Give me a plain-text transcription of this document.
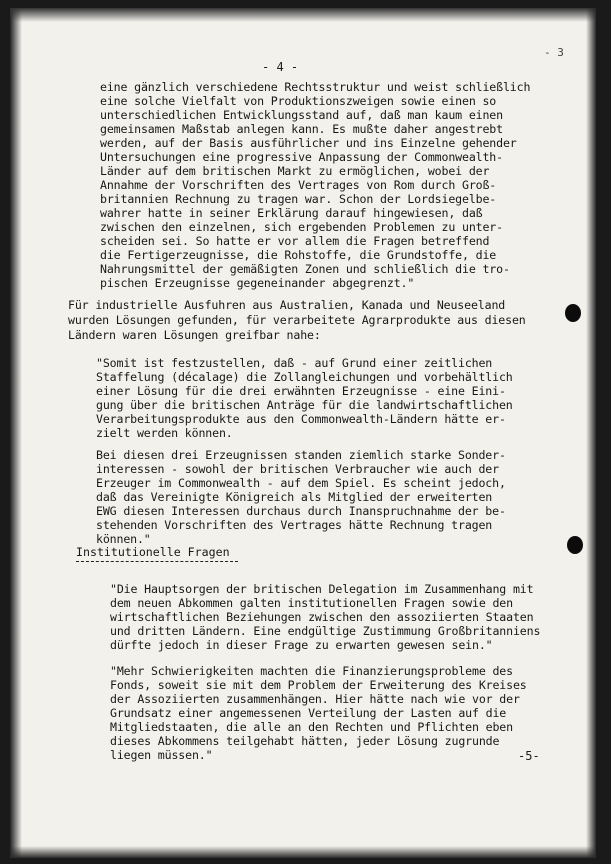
- 4 -
- 3
eine gänzlich verschiedene Rechtsstruktur und weist schließlich
eine solche Vielfalt von Produktionszweigen sowie einen so
unterschiedlichen Entwicklungsstand auf, daß man kaum einen
gemeinsamen Maßstab anlegen kann. Es mußte daher angestrebt
werden, auf der Basis ausführlicher und ins Einzelne gehender
Untersuchungen eine progressive Anpassung der Commonwealth-
Länder auf dem britischen Markt zu ermöglichen, wobei der
Annahme der Vorschriften des Vertrages von Rom durch Groß-
britannien Rechnung zu tragen war. Schon der Lordsiegelbe-
wahrer hatte in seiner Erklärung darauf hingewiesen, daß
zwischen den einzelnen, sich ergebenden Problemen zu unter-
scheiden sei. So hatte er vor allem die Fragen betreffend
die Fertigerzeugnisse, die Rohstoffe, die Grundstoffe, die
Nahrungsmittel der gemäßigten Zonen und schließlich die tro-
pischen Erzeugnisse gegeneinander abgegrenzt."
Für industrielle Ausfuhren aus Australien, Kanada und Neuseeland
wurden Lösungen gefunden, für verarbeitete Agrarprodukte aus diesen
Ländern waren Lösungen greifbar nahe:
"Somit ist festzustellen, daß - auf Grund einer zeitlichen
Staffelung (décalage) die Zollangleichungen und vorbehältlich
einer Lösung für die drei erwähnten Erzeugnisse - eine Eini-
gung über die britischen Anträge für die landwirtschaftlichen
Verarbeitungsprodukte aus den Commonwealth-Ländern hätte er-
zielt werden können.
Bei diesen drei Erzeugnissen standen ziemlich starke Sonder-
interessen - sowohl der britischen Verbraucher wie auch der
Erzeuger im Commonwealth - auf dem Spiel. Es scheint jedoch,
daß das Vereinigte Königreich als Mitglied der erweiterten
EWG diesen Interessen durchaus durch Inanspruchnahme der be-
stehenden Vorschriften des Vertrages hätte Rechnung tragen
können."
Institutionelle Fragen
"Die Hauptsorgen der britischen Delegation im Zusammenhang mit
dem neuen Abkommen galten institutionellen Fragen sowie den
wirtschaftlichen Beziehungen zwischen den assoziierten Staaten
und dritten Ländern. Eine endgültige Zustimmung Großbritanniens
dürfte jedoch in dieser Frage zu erwarten gewesen sein."
"Mehr Schwierigkeiten machten die Finanzierungsprobleme des
Fonds, soweit sie mit dem Problem der Erweiterung des Kreises
der Assoziierten zusammenhängen. Hier hätte nach wie vor der
Grundsatz einer angemessenen Verteilung der Lasten auf die
Mitgliedstaaten, die alle an den Rechten und Pflichten eben
dieses Abkommens teilgehabt hätten, jeder Lösung zugrunde
liegen müssen."	-5-
